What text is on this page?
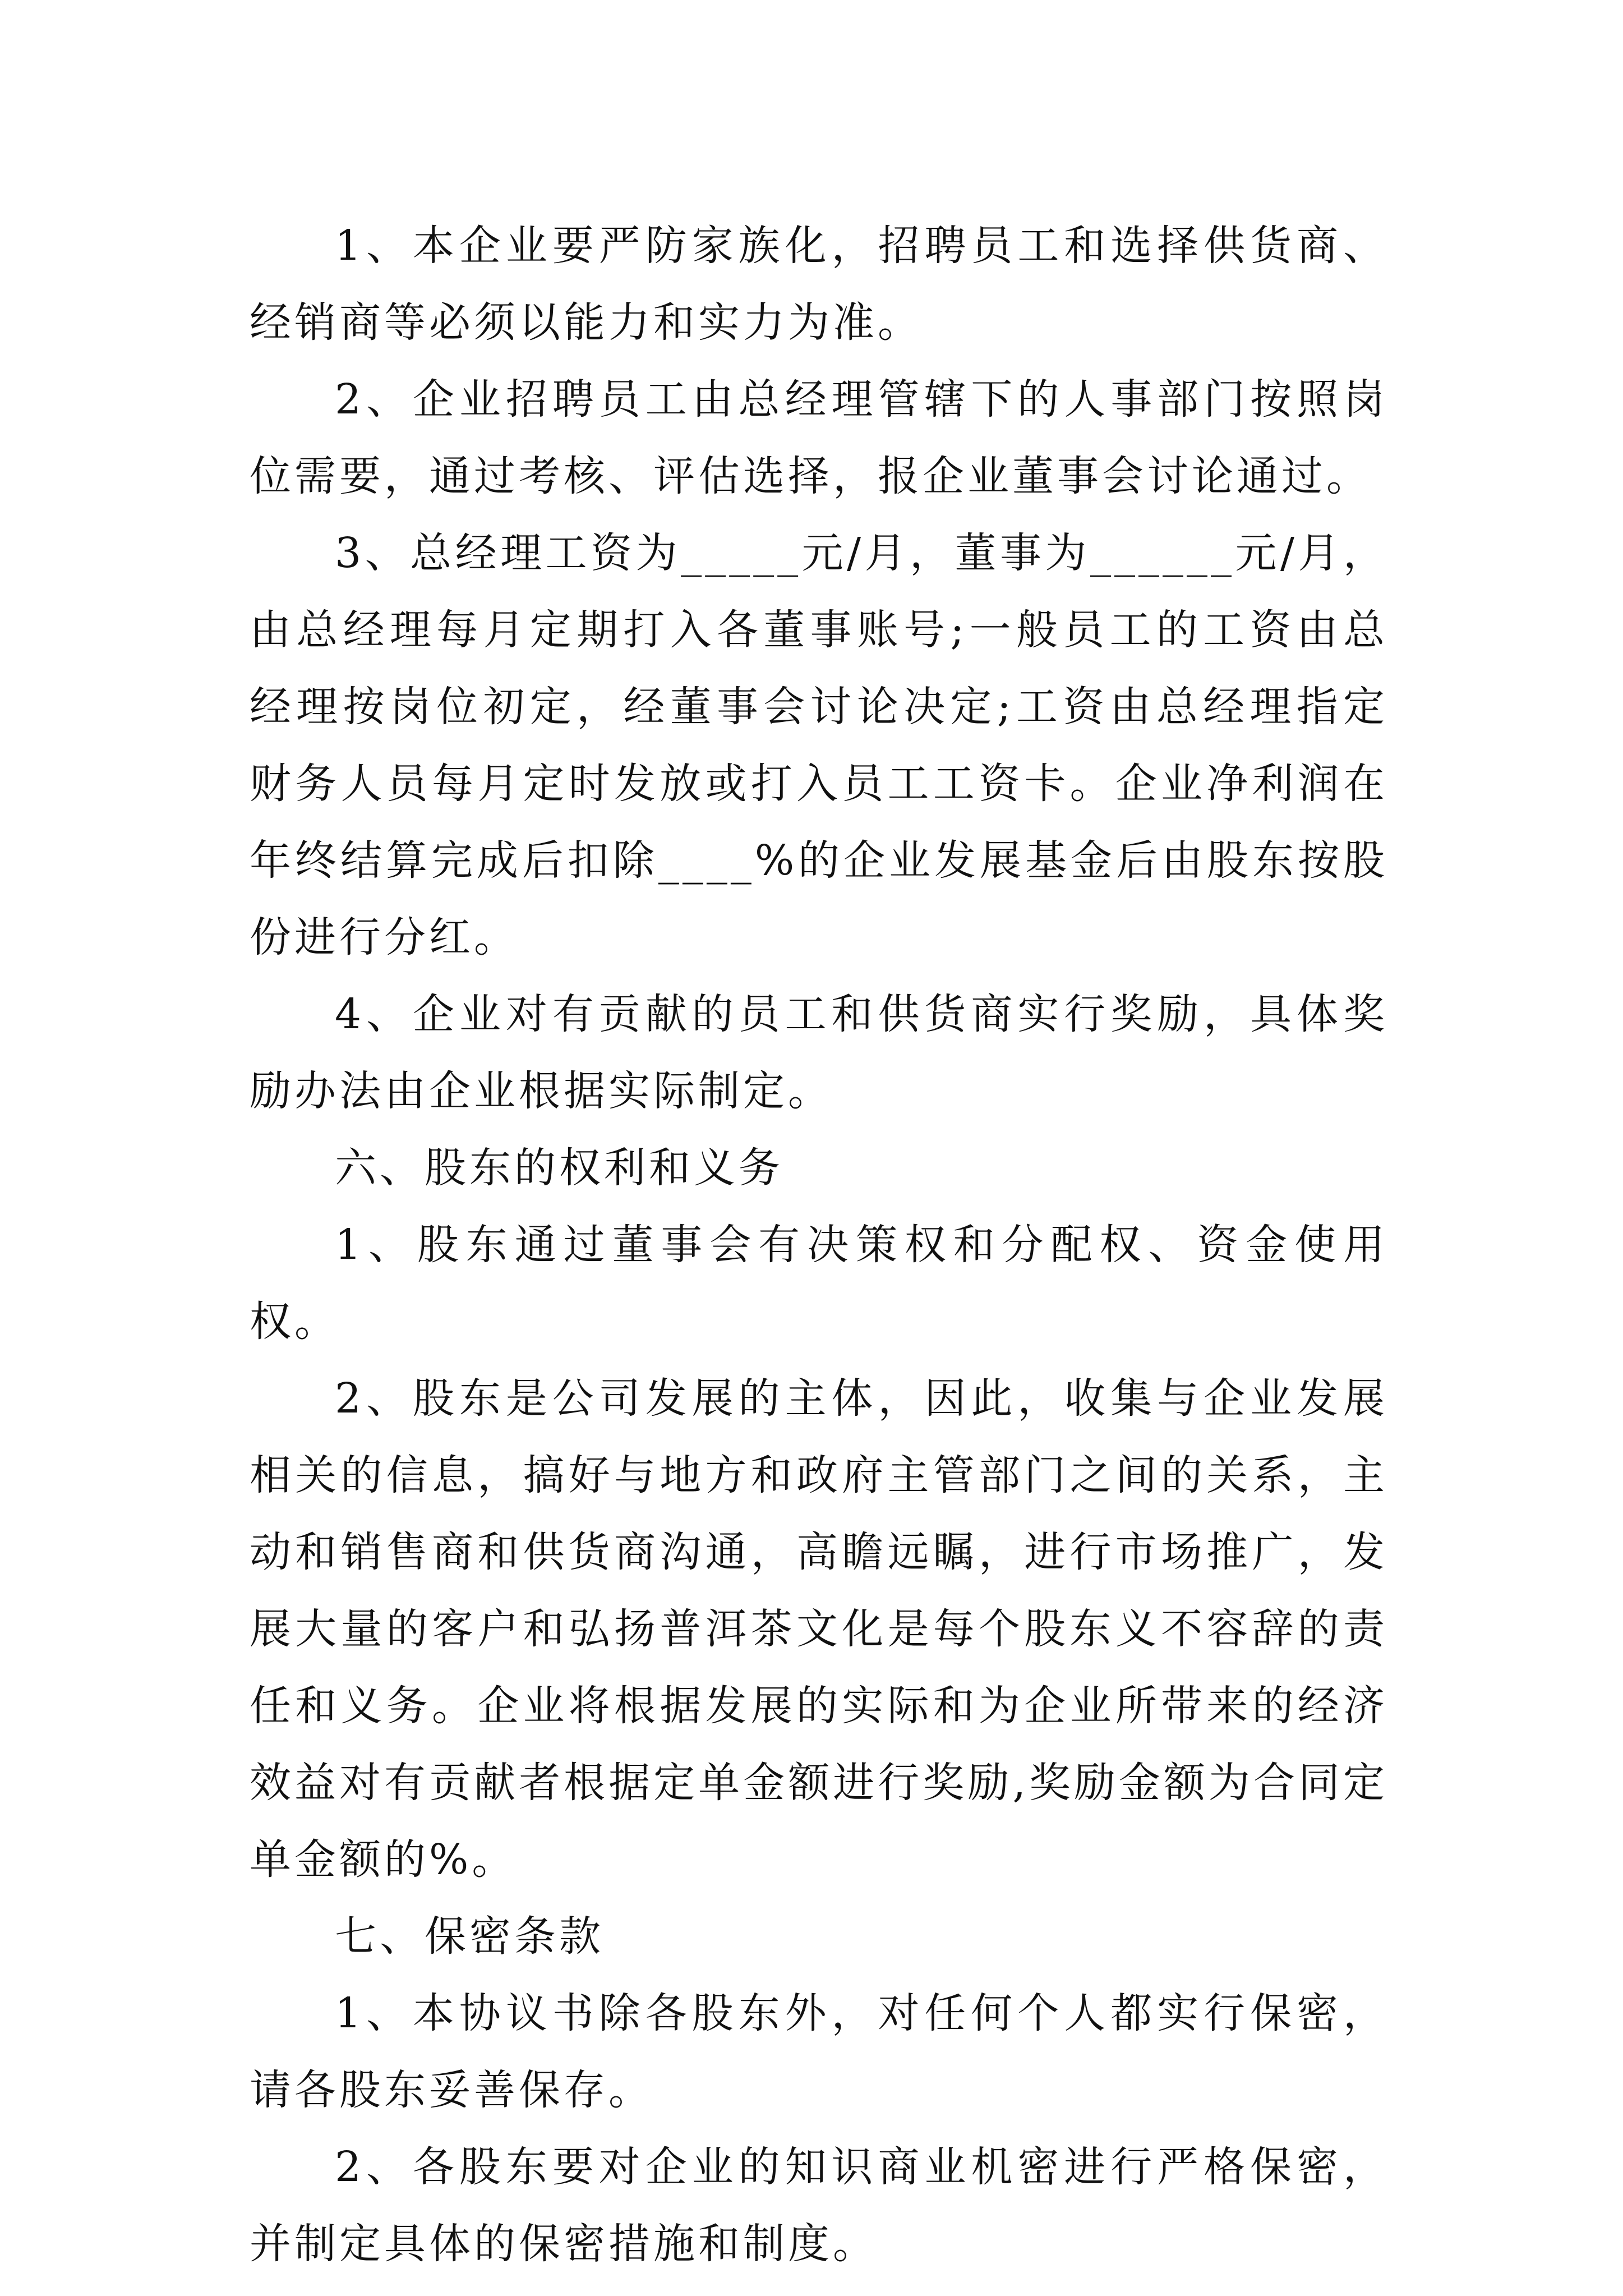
1、本企业要严防家族化，招聘员工和选择供货商、经销商等必须以能力和实力为准。

2、企业招聘员工由总经理管辖下的人事部门按照岗位需要，通过考核、评估选择，报企业董事会讨论通过。

3、总经理工资为_____元/月，董事为______元/月，由总经理每月定期打入各董事账号;一般员工的工资由总经理按岗位初定，经董事会讨论决定;工资由总经理指定财务人员每月定时发放或打入员工工资卡。企业净利润在年终结算完成后扣除____%的企业发展基金后由股东按股份进行分红。

4、企业对有贡献的员工和供货商实行奖励，具体奖励办法由企业根据实际制定。

六、股东的权利和义务

1、股东通过董事会有决策权和分配权、资金使用权。

2、股东是公司发展的主体，因此，收集与企业发展相关的信息，搞好与地方和政府主管部门之间的关系，主动和销售商和供货商沟通，高瞻远瞩，进行市场推广，发展大量的客户和弘扬普洱茶文化是每个股东义不容辞的责任和义务。企业将根据发展的实际和为企业所带来的经济效益对有贡献者根据定单金额进行奖励,奖励金额为合同定单金额的%。

七、保密条款

1、本协议书除各股东外，对任何个人都实行保密，请各股东妥善保存。

2、各股东要对企业的知识商业机密进行严格保密，并制定具体的保密措施和制度。
